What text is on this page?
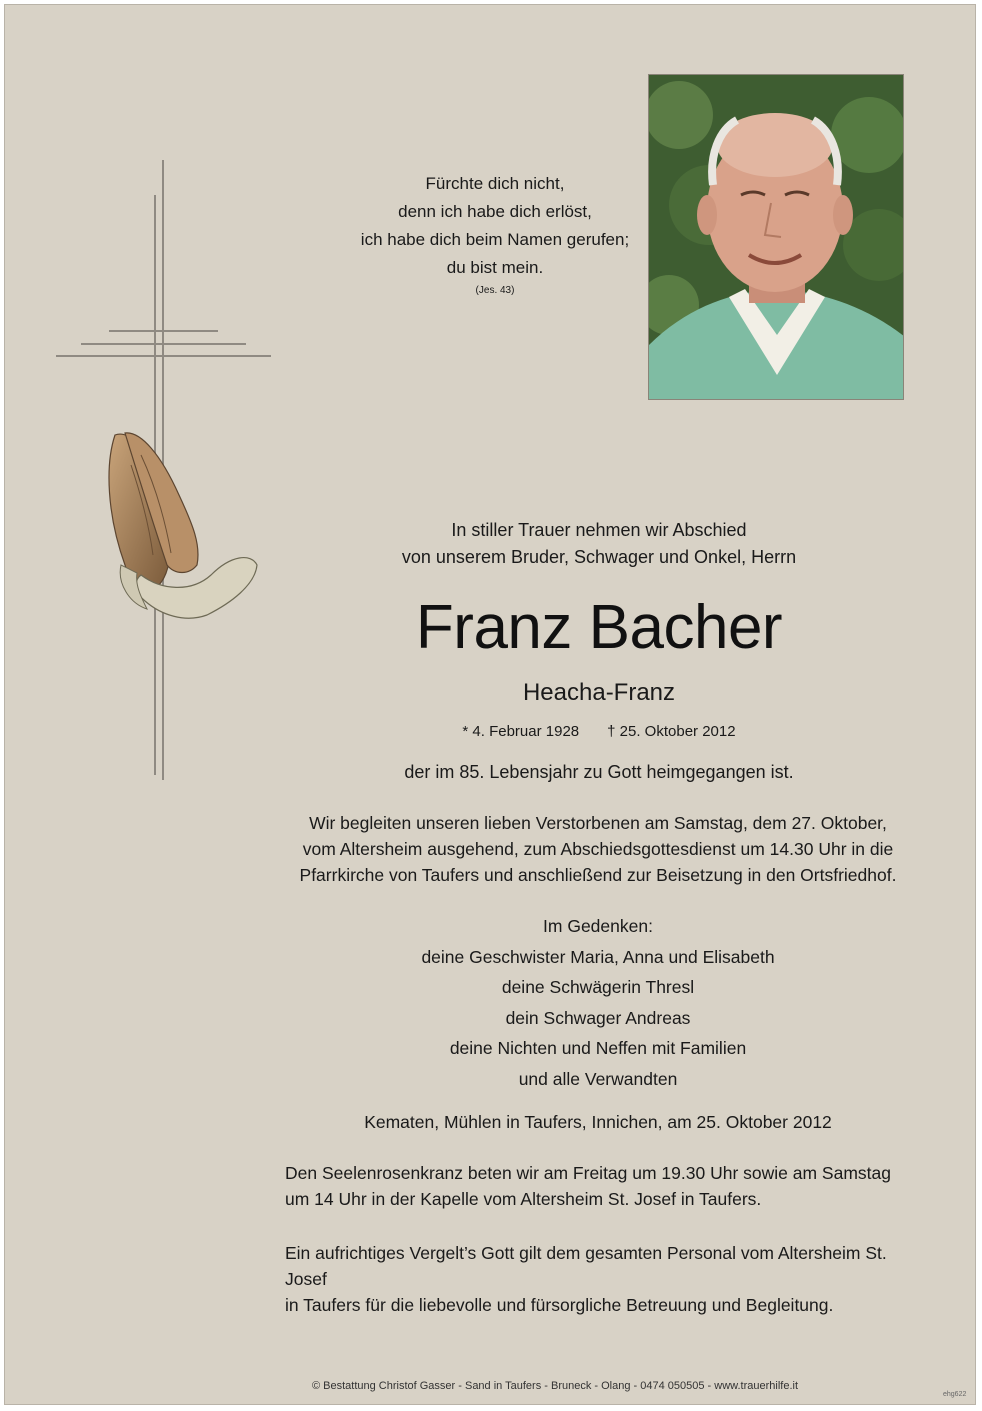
Fürchte dich nicht,
denn ich habe dich erlöst,
ich habe dich beim Namen gerufen;
du bist mein.
(Jes. 43)
In stiller Trauer nehmen wir Abschied
von unserem Bruder, Schwager und Onkel, Herrn
Franz Bacher
Heacha-Franz
* 4. Februar 1928 † 25. Oktober 2012
der im 85. Lebensjahr zu Gott heimgegangen ist.
Wir begleiten unseren lieben Verstorbenen am Samstag, dem 27. Oktober,
vom Altersheim ausgehend, zum Abschiedsgottesdienst um 14.30 Uhr in die
Pfarrkirche von Taufers und anschließend zur Beisetzung in den Ortsfriedhof.
Im Gedenken:
deine Geschwister Maria, Anna und Elisabeth
deine Schwägerin Thresl
dein Schwager Andreas
deine Nichten und Neffen mit Familien
und alle Verwandten
Kematen, Mühlen in Taufers, Innichen, am 25. Oktober 2012
Den Seelenrosenkranz beten wir am Freitag um 19.30 Uhr sowie am Samstag
um 14 Uhr in der Kapelle vom Altersheim St. Josef in Taufers.
Ein aufrichtiges Vergelt’s Gott gilt dem gesamten Personal vom Altersheim St. Josef
in Taufers für die liebevolle und fürsorgliche Betreuung und Begleitung.
© Bestattung Christof Gasser - Sand in Taufers - Bruneck - Olang - 0474 050505 - www.trauerhilfe.it
ehg622
